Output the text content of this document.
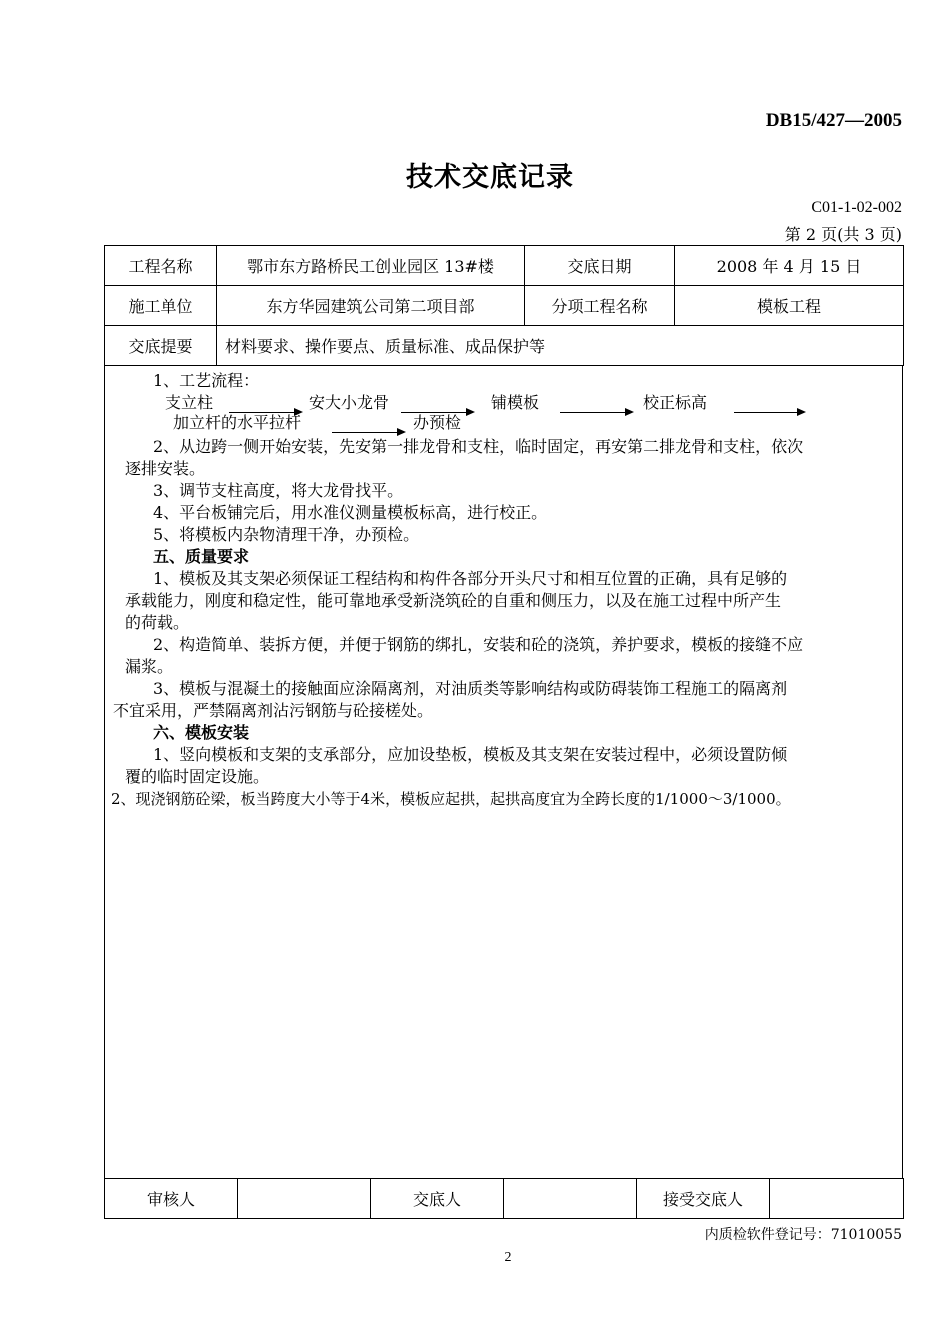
DB15/427—2005
技术交底记录
C01-1-02-002
第 2 页(共 3 页)
工程名称	鄂市东方路桥民工创业园区 13#楼	交底日期	2008 年 4 月 15 日
施工单位	东方华园建筑公司第二项目部	分项工程名称	模板工程
交底提要	材料要求、操作要点、质量标准、成品保护等		
1、工艺流程：
支立柱	安大小龙骨	铺模板	校正标高
加立杆的水平拉杆	办预检
2、从边跨一侧开始安装，先安第一排龙骨和支柱，临时固定，再安第二排龙骨和支柱，依次
逐排安装。
3、调节支柱高度，将大龙骨找平。
4、平台板铺完后，用水准仪测量模板标高，进行校正。
5、将模板内杂物清理干净，办预检。
五、质量要求
1、模板及其支架必须保证工程结构和构件各部分开头尺寸和相互位置的正确，具有足够的
承载能力，刚度和稳定性，能可靠地承受新浇筑砼的自重和侧压力，以及在施工过程中所产生
的荷载。
2、构造简单、装拆方便，并便于钢筋的绑扎，安装和砼的浇筑，养护要求，模板的接缝不应
漏浆。
3、模板与混凝土的接触面应涂隔离剂，对油质类等影响结构或防碍装饰工程施工的隔离剂
不宜采用，严禁隔离剂沾污钢筋与砼接槎处。
六、模板安装
1、竖向模板和支架的支承部分，应加设垫板，模板及其支架在安装过程中，必须设置防倾
覆的临时固定设施。
2、现浇钢筋砼梁，板当跨度大小等于4米，模板应起拱，起拱高度宜为全跨长度的1/1000～3/1000。
审核人		交底人		接受交底人	
内质检软件登记号：71010055
2
